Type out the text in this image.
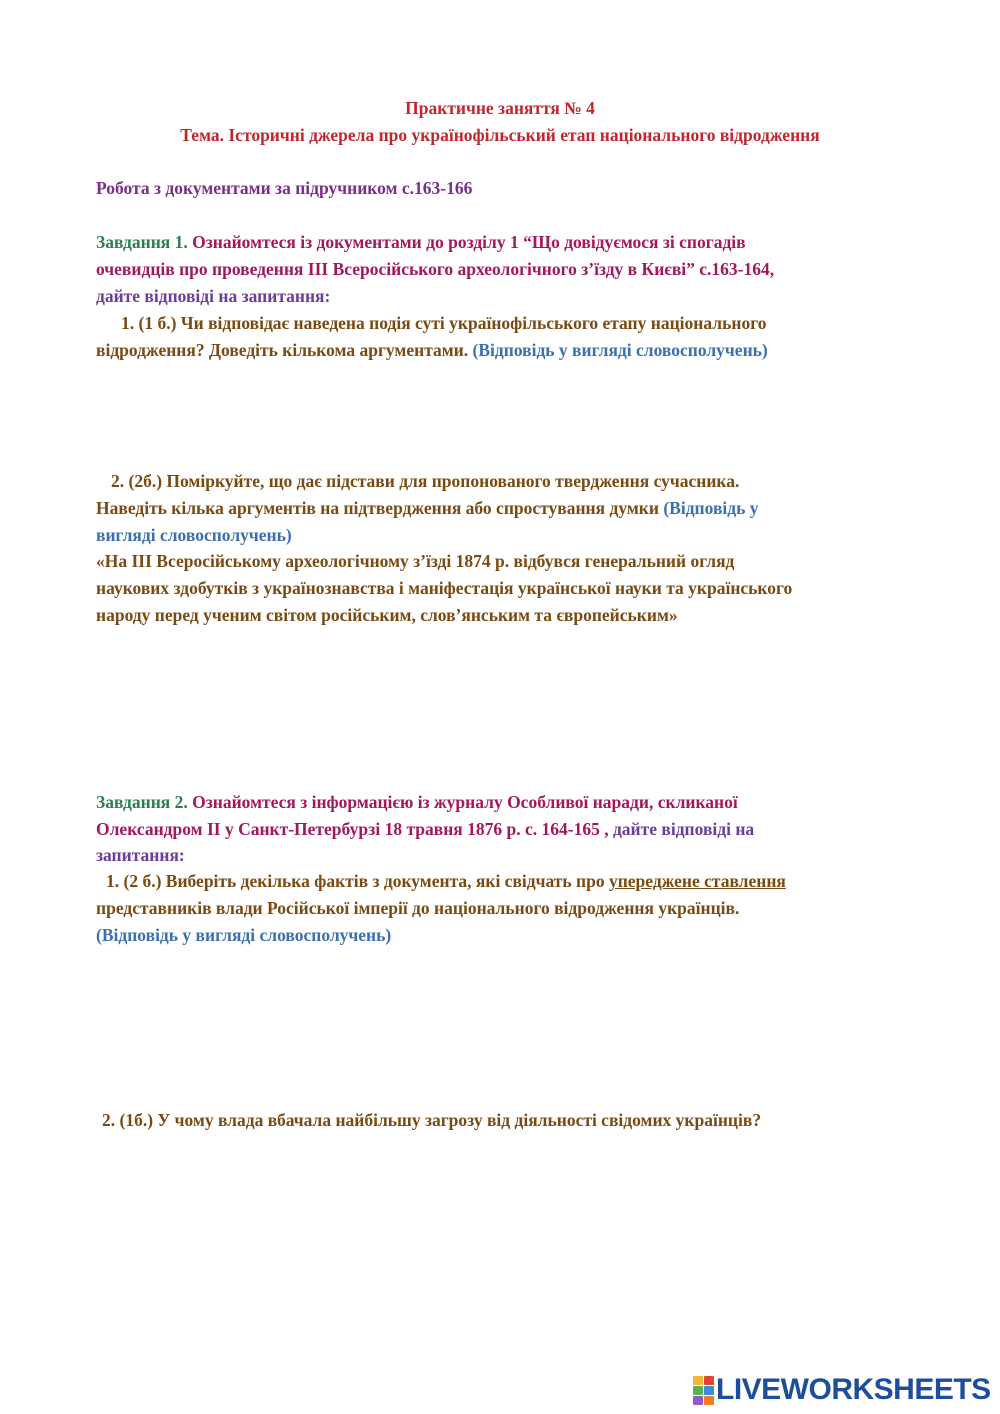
Практичне заняття № 4
Тема. Історичні джерела про українофільський етап національного відродження
Робота з документами за підручником с.163-166
Завдання 1. Ознайомтеся із документами до розділу 1 “Що довідуємося зі спогадів
очевидців про проведення ІІІ Всеросійського археологічного з’їзду в Києві” с.163-164,
дайте відповіді на запитання:
1. (1 б.) Чи відповідає наведена подія суті українофільського етапу національного
відродження? Доведіть кількома аргументами. (Відповідь у вигляді словосполучень)
2. (2б.) Поміркуйте, що дає підстави для пропонованого твердження сучасника.
Наведіть кілька аргументів на підтвердження або спростування думки (Відповідь у
вигляді словосполучень)
«На ІІІ Всеросійському археологічному з’їзді 1874 р. відбувся генеральний огляд
наукових здобутків з українознавства і маніфестація української науки та українського
народу перед ученим світом російським, слов’янським та європейським»
Завдання 2. Ознайомтеся з інформацією із журналу Особливої наради, скликаної
Олександром ІІ у Санкт-Петербурзі 18 травня 1876 р. с. 164-165 , дайте відповіді на
запитання:
1. (2 б.) Виберіть декілька фактів з документа, які свідчать про упереджене ставлення
представників влади Російської імперії до національного відродження українців.
(Відповідь у вигляді словосполучень)
2. (1б.) У чому влада вбачала найбільшу загрозу від діяльності свідомих українців?
LIVEWORKSHEETS
